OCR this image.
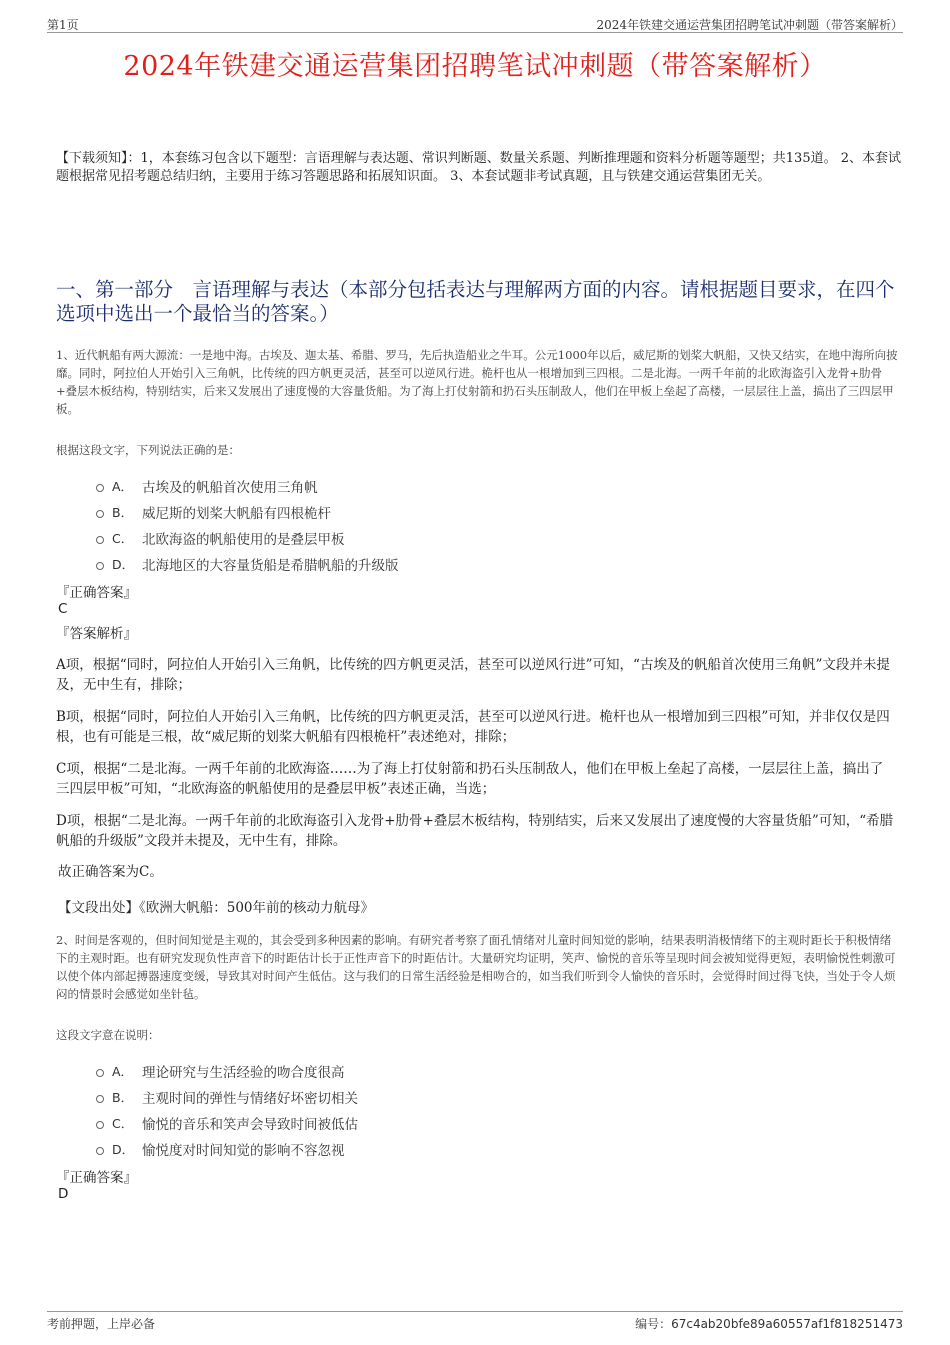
第1页	2024年铁建交通运营集团招聘笔试冲刺题（带答案解析）
2024年铁建交通运营集团招聘笔试冲刺题（带答案解析）
【下载须知】：1，本套练习包含以下题型：言语理解与表达题、常识判断题、数量关系题、判断推理题和资料分析题等题型；共135道。 2、本套试题根据常见招考题总结归纳，主要用于练习答题思路和拓展知识面。 3、本套试题非考试真题，且与铁建交通运营集团无关。
一、第一部分　言语理解与表达（本部分包括表达与理解两方面的内容。请根据题目要求，在四个选项中选出一个最恰当的答案。）
1、近代帆船有两大源流：一是地中海。古埃及、迦太基、希腊、罗马，先后执造船业之牛耳。公元1000年以后，威尼斯的划桨大帆船，又快又结实，在地中海所向披靡。同时，阿拉伯人开始引入三角帆，比传统的四方帆更灵活，甚至可以逆风行进。桅杆也从一根增加到三四根。二是北海。一两千年前的北欧海盗引入龙骨+肋骨+叠层木板结构，特别结实，后来又发展出了速度慢的大容量货船。为了海上打仗射箭和扔石头压制敌人，他们在甲板上垒起了高楼，一层层往上盖，搞出了三四层甲板。
根据这段文字，下列说法正确的是：
A． 古埃及的帆船首次使用三角帆
B． 威尼斯的划桨大帆船有四根桅杆
C． 北欧海盗的帆船使用的是叠层甲板
D． 北海地区的大容量货船是希腊帆船的升级版
『正确答案』
C
『答案解析』
A项，根据“同时，阿拉伯人开始引入三角帆，比传统的四方帆更灵活，甚至可以逆风行进”可知，“古埃及的帆船首次使用三角帆”文段并未提及，无中生有，排除；
B项，根据“同时，阿拉伯人开始引入三角帆，比传统的四方帆更灵活，甚至可以逆风行进。桅杆也从一根增加到三四根”可知，并非仅仅是四根，也有可能是三根，故“威尼斯的划桨大帆船有四根桅杆”表述绝对，排除；
C项，根据“二是北海。一两千年前的北欧海盗……为了海上打仗射箭和扔石头压制敌人，他们在甲板上垒起了高楼，一层层往上盖，搞出了三四层甲板”可知，“北欧海盗的帆船使用的是叠层甲板”表述正确，当选；
D项，根据“二是北海。一两千年前的北欧海盗引入龙骨+肋骨+叠层木板结构，特别结实，后来又发展出了速度慢的大容量货船”可知，“希腊帆船的升级版”文段并未提及，无中生有，排除。
故正确答案为C。
【文段出处】《欧洲大帆船：500年前的核动力航母》
2、时间是客观的，但时间知觉是主观的，其会受到多种因素的影响。有研究者考察了面孔情绪对儿童时间知觉的影响，结果表明消极情绪下的主观时距长于积极情绪下的主观时距。也有研究发现负性声音下的时距估计长于正性声音下的时距估计。大量研究均证明，笑声、愉悦的音乐等呈现时间会被知觉得更短，表明愉悦性刺激可以使个体内部起搏器速度变缓，导致其对时间产生低估。这与我们的日常生活经验是相吻合的，如当我们听到令人愉快的音乐时，会觉得时间过得飞快，当处于令人烦闷的情景时会感觉如坐针毡。
这段文字意在说明：
A． 理论研究与生活经验的吻合度很高
B． 主观时间的弹性与情绪好坏密切相关
C． 愉悦的音乐和笑声会导致时间被低估
D． 愉悦度对时间知觉的影响不容忽视
『正确答案』
D
考前押题，上岸必备	编号：67c4ab20bfe89a60557af1f818251473
